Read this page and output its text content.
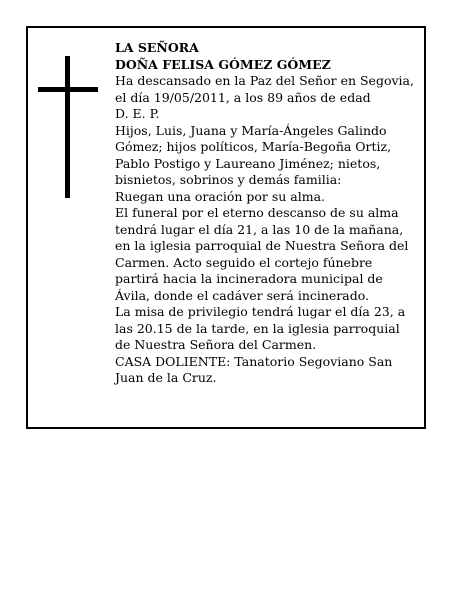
LA SEÑORA

DOÑA FELISA GÓMEZ GÓMEZ

Ha descansado en la Paz del Señor en Segovia, el día 19/05/2011, a los 89 años de edad

D. E. P.

Hijos, Luis, Juana y María-Ángeles Galindo Gómez; hijos políticos, María-Begoña Ortiz, Pablo Postigo y Laureano Jiménez; nietos, bisnietos, sobrinos y demás familia:

Ruegan una oración por su alma.

El funeral por el eterno descanso de su alma tendrá lugar el día 21, a las 10 de la mañana, en la iglesia parroquial de Nuestra Señora del Carmen. Acto seguido el cortejo fúnebre partirá hacia la incineradora municipal de Ávila, donde el cadáver será incinerado.

La misa de privilegio tendrá lugar el día 23, a las 20.15 de la tarde, en la iglesia parroquial de Nuestra Señora del Carmen.

CASA DOLIENTE: Tanatorio Segoviano San Juan de la Cruz.
